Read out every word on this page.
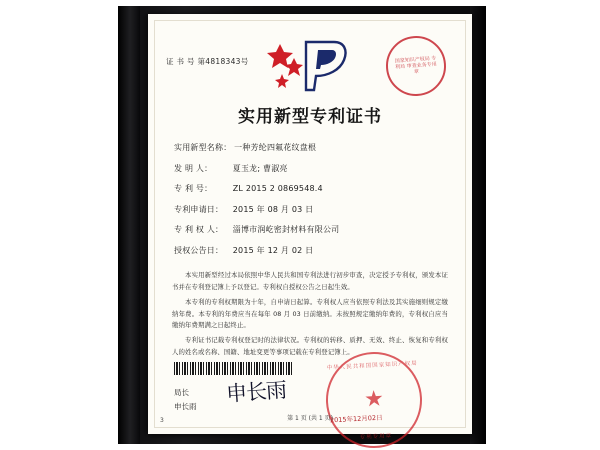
证 书 号 第4818343号	国家知识产权局 专利局 审查业务专用章
实用新型专利证书
实用新型名称： 一种芳纶四氟花纹盘根
发 明 人：	夏玉龙; 曹淑亮
专 利 号：	ZL 2015 2 0869548.4
专利申请日： 2015 年 08 月 03 日
专 利 权 人： 淄博市润屹密封材料有限公司
授权公告日： 2015 年 12 月 02 日

本实用新型经过本局依照中华人民共和国专利法进行初步审查，决定授予专利权，颁发本证书并在专利登记簿上予以登记。专利权自授权公告之日起生效。

本专利的专利权期限为十年，自申请日起算。专利权人应当依照专利法及其实施细则规定缴纳年费。本专利的年费应当在每年 08 月 03 日前缴纳。未按照规定缴纳年费的，专利权自应当缴纳年费期满之日起终止。

专利证书记载专利权登记时的法律状况。专利权的转移、质押、无效、终止、恢复和专利权人的姓名或名称、国籍、地址变更等事项记载在专利登记簿上。

局长
申长雨 申长雨
中华人民共和国国家知识产权局
★
专利专用章
2015年12月02日
第 1 页 (共 1 页)
3
